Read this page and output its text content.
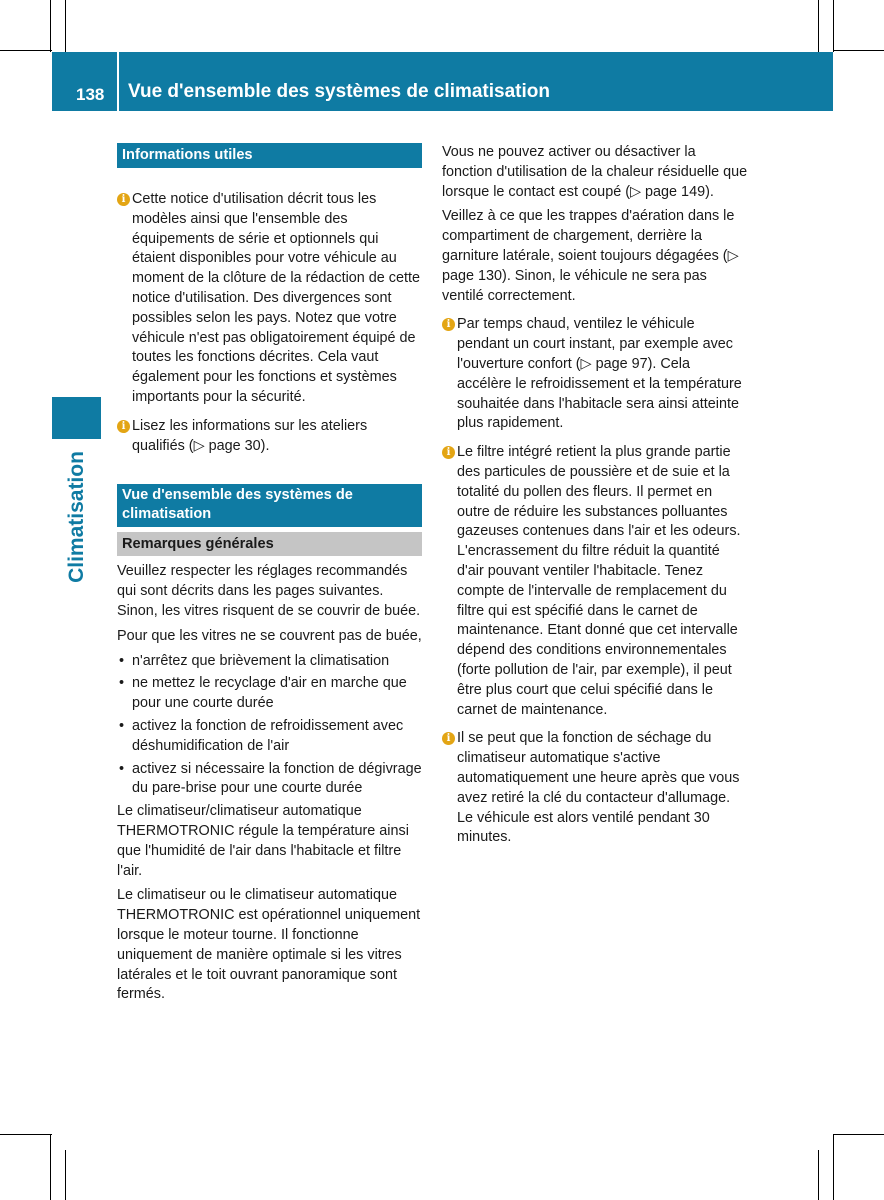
138 Vue d'ensemble des systèmes de climatisation
Climatisation
Informations utiles

i Cette notice d'utilisation décrit tous les modèles ainsi que l'ensemble des équipements de série et optionnels qui étaient disponibles pour votre véhicule au moment de la clôture de la rédaction de cette notice d'utilisation. Des divergences sont possibles selon les pays. Notez que votre véhicule n'est pas obligatoirement équipé de toutes les fonctions décrites. Cela vaut également pour les fonctions et systèmes importants pour la sécurité.

i Lisez les informations sur les ateliers qualifiés (▷ page 30).

Vue d'ensemble des systèmes de climatisation
Remarques générales

Veuillez respecter les réglages recommandés qui sont décrits dans les pages suivantes. Sinon, les vitres risquent de se couvrir de buée.

Pour que les vitres ne se couvrent pas de buée,

• n'arrêtez que brièvement la climatisation
• ne mettez le recyclage d'air en marche que pour une courte durée
• activez la fonction de refroidissement avec déshumidification de l'air
• activez si nécessaire la fonction de dégivrage du pare-brise pour une courte durée

Le climatiseur/climatiseur automatique THERMOTRONIC régule la température ainsi que l'humidité de l'air dans l'habitacle et filtre l'air.

Le climatiseur ou le climatiseur automatique THERMOTRONIC est opérationnel uniquement lorsque le moteur tourne. Il fonctionne uniquement de manière optimale si les vitres latérales et le toit ouvrant panoramique sont fermés.

Vous ne pouvez activer ou désactiver la fonction d'utilisation de la chaleur résiduelle que lorsque le contact est coupé (▷ page 149).

Veillez à ce que les trappes d'aération dans le compartiment de chargement, derrière la garniture latérale, soient toujours dégagées (▷ page 130). Sinon, le véhicule ne sera pas ventilé correctement.

i Par temps chaud, ventilez le véhicule pendant un court instant, par exemple avec l'ouverture confort (▷ page 97). Cela accélère le refroidissement et la température souhaitée dans l'habitacle sera ainsi atteinte plus rapidement.

i Le filtre intégré retient la plus grande partie des particules de poussière et de suie et la totalité du pollen des fleurs. Il permet en outre de réduire les substances polluantes gazeuses contenues dans l'air et les odeurs. L'encrassement du filtre réduit la quantité d'air pouvant ventiler l'habitacle. Tenez compte de l'intervalle de remplacement du filtre qui est spécifié dans le carnet de maintenance. Etant donné que cet intervalle dépend des conditions environnementales (forte pollution de l'air, par exemple), il peut être plus court que celui spécifié dans le carnet de maintenance.

i Il se peut que la fonction de séchage du climatiseur automatique s'active automatiquement une heure après que vous avez retiré la clé du contacteur d'allumage. Le véhicule est alors ventilé pendant 30 minutes.
